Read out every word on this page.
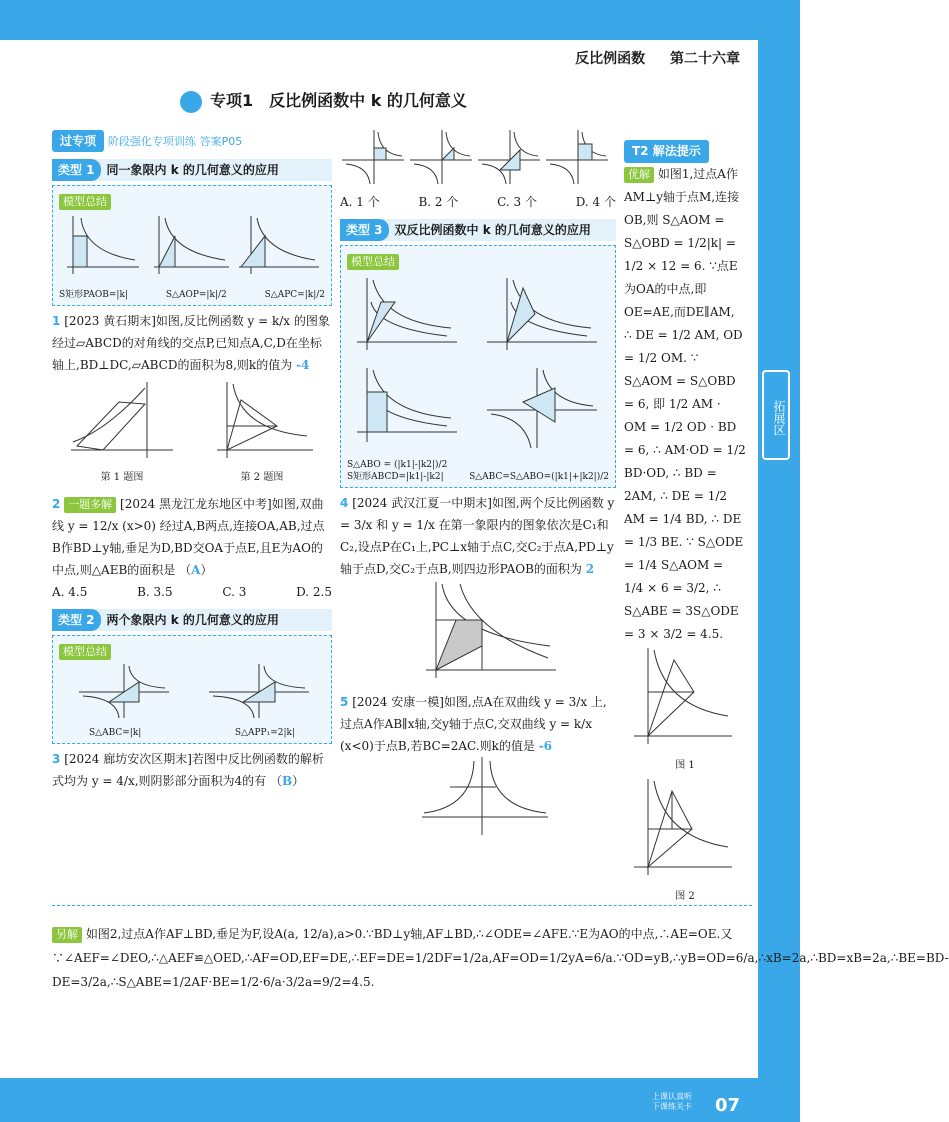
反比例函数 第二十六章
拓展区
上课认真听 下课练关卡	07
专项1　反比例函数中 k 的几何意义
过专项 阶段强化专项训练 答案P05
类型 1 同一象限内 k 的几何意义的应用
模型总结
S矩形PAOB=|k|	S△AOP=|k|/2	S△APC=|k|/2
1 [2023 黄石期末]如图,反比例函数 y = k/x 的图象经过▱ABCD的对角线的交点P,已知点A,C,D在坐标轴上,BD⊥DC,▱ABCD的面积为8,则k的值为 -4
第 1 题图	第 2 题图
2 一题多解 [2024 黑龙江龙东地区中考]如图,双曲线 y = 12/x (x>0) 经过A,B两点,连接OA,AB,过点B作BD⊥y轴,垂足为D,BD交OA于点E,且E为AO的中点,则△AEB的面积是 （A）
A. 4.5	B. 3.5	C. 3	D. 2.5
类型 2 两个象限内 k 的几何意义的应用
模型总结
S△ABC=|k|	S△APP₁=2|k|
3 [2024 廊坊安次区期末]若图中反比例函数的解析式均为 y = 4/x,则阴影部分面积为4的有 （B）
A. 1 个	B. 2 个	C. 3 个	D. 4 个
类型 3 双反比例函数中 k 的几何意义的应用
模型总结
S△ABO = (|k1|-|k2|)/2
S矩形ABCD=|k1|-|k2|	S△ABC=S△ABO=(|k1|+|k2|)/2
4 [2024 武汉江夏一中期末]如图,两个反比例函数 y = 3/x 和 y = 1/x 在第一象限内的图象依次是C₁和C₂,设点P在C₁上,PC⊥x轴于点C,交C₂于点A,PD⊥y轴于点D,交C₂于点B,则四边形PAOB的面积为 2
5 [2024 安康一模]如图,点A在双曲线 y = 3/x 上,过点A作AB∥x轴,交y轴于点C,交双曲线 y = k/x (x<0)于点B,若BC=2AC.则k的值是 -6
T2 解法提示
优解 如图1,过点A作AM⊥y轴于点M,连接OB,则 S△AOM = S△OBD = 1/2|k| = 1/2 × 12 = 6. ∵点E为OA的中点,即OE=AE,而DE∥AM, ∴ DE = 1/2 AM, OD = 1/2 OM. ∵ S△AOM = S△OBD = 6, 即 1/2 AM · OM = 1/2 OD · BD = 6, ∴ AM·OD = 1/2 BD·OD, ∴ BD = 2AM, ∴ DE = 1/2 AM = 1/4 BD, ∴ DE = 1/3 BE. ∵ S△ODE = 1/4 S△AOM = 1/4 × 6 = 3/2, ∴ S△ABE = 3S△ODE = 3 × 3/2 = 4.5.
图 1
图 2
另解 如图2,过点A作AF⊥BD,垂足为F,设A(a, 12/a),a>0.∵BD⊥y轴,AF⊥BD,∴∠ODE=∠AFE.∵E为AO的中点,∴AE=OE.又∵∠AEF=∠DEO,∴△AEF≌△OED,∴AF=OD,EF=DE,∴EF=DE=1/2DF=1/2a,AF=OD=1/2yA=6/a.∵OD=yB,∴yB=OD=6/a,∴xB=2a,∴BD=xB=2a,∴BE=BD-DE=3/2a,∴S△ABE=1/2AF·BE=1/2·6/a·3/2a=9/2=4.5.
